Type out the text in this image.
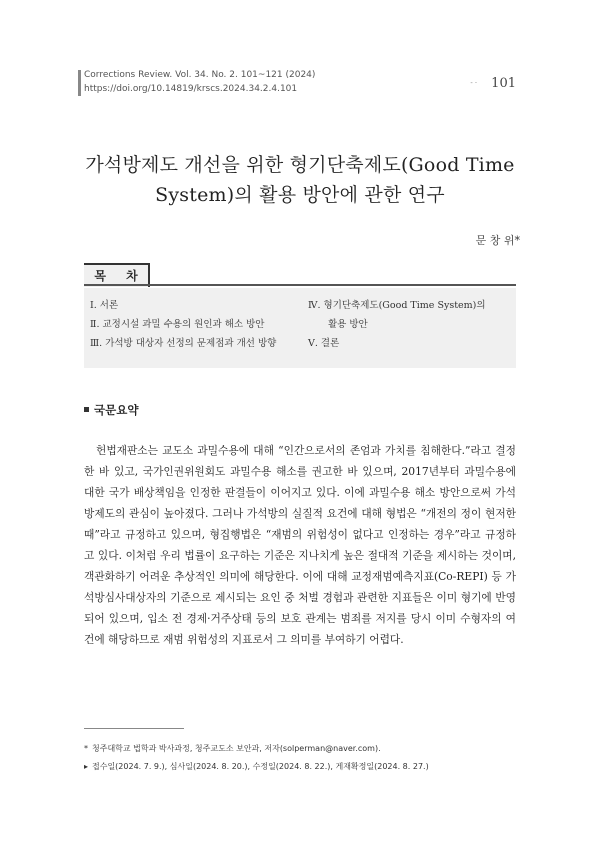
Corrections Review. Vol. 34. No. 2. 101~121 (2024)
https://doi.org/10.14819/krscs.2024.34.2.4.101
- · 101
가석방제도 개선을 위한 형기단축제도(Good Time
System)의 활용 방안에 관한 연구
문 창 위*
목 차
Ⅰ. 서론
Ⅱ. 교정시설 과밀 수용의 원인과 해소 방안
Ⅲ. 가석방 대상자 선정의 문제점과 개선 방향
Ⅳ. 형기단축제도(Good Time System)의
활용 방안
Ⅴ. 결론
국문요약

헌법재판소는 교도소 과밀수용에 대해 “인간으로서의 존엄과 가치를 침해한다.”라고 결정한 바 있고, 국가인권위원회도 과밀수용 해소를 권고한 바 있으며, 2017년부터 과밀수용에 대한 국가 배상책임을 인정한 판결들이 이어지고 있다. 이에 과밀수용 해소 방안으로써 가석방제도의 관심이 높아졌다. 그러나 가석방의 실질적 요건에 대해 형법은 “개전의 정이 현저한 때”라고 규정하고 있으며, 형집행법은 “재범의 위험성이 없다고 인정하는 경우”라고 규정하고 있다. 이처럼 우리 법률이 요구하는 기준은 지나치게 높은 절대적 기준을 제시하는 것이며, 객관화하기 어려운 추상적인 의미에 해당한다. 이에 대해 교정재범예측지표(Co-REPI) 등 가석방심사대상자의 기준으로 제시되는 요인 중 처벌 경험과 관련한 지표들은 이미 형기에 반영되어 있으며, 입소 전 경제·거주상태 등의 보호 관계는 범죄를 저지를 당시 이미 수형자의 여건에 해당하므로 재범 위험성의 지표로서 그 의미를 부여하기 어렵다.

* 청주대학교 법학과 박사과정, 청주교도소 보안과, 저자(solperman@naver.com).
▸ 접수일(2024. 7. 9.), 심사일(2024. 8. 20.), 수정일(2024. 8. 22.), 게재확정일(2024. 8. 27.)
